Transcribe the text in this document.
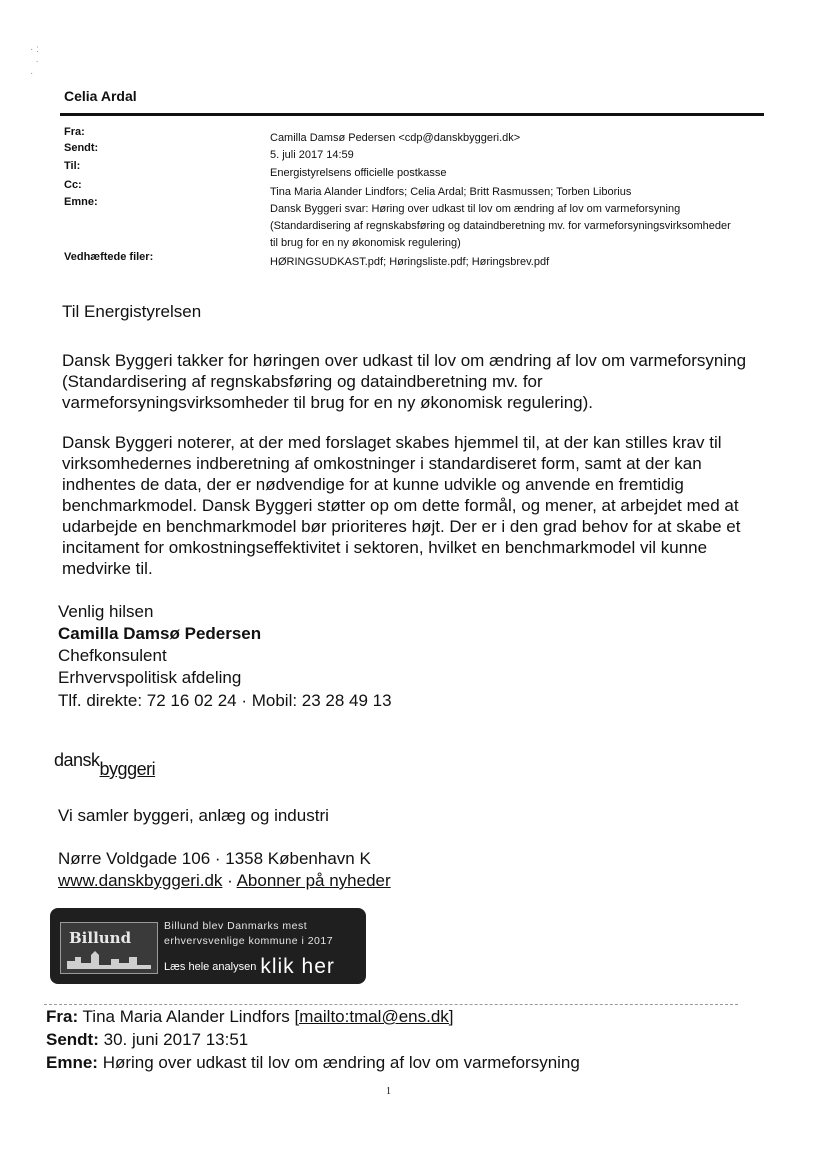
· :
·
·
Celia Ardal
Fra:	Camilla Damsø Pedersen <cdp@danskbyggeri.dk>
Sendt:
5. juli 2017 14:59
Til:
Energistyrelsens officielle postkasse
Cc:
Tina Maria Alander Lindfors; Celia Ardal; Britt Rasmussen; Torben Liborius
Emne:
Dansk Byggeri svar: Høring over udkast til lov om ændring af lov om varmeforsyning (Standardisering af regnskabsføring og dataindberetning mv. for varmeforsyningsvirksomheder til brug for en ny økonomisk regulering)
Vedhæftede filer:	HØRINGSUDKAST.pdf; Høringsliste.pdf; Høringsbrev.pdf
Til Energistyrelsen
Dansk Byggeri takker for høringen over udkast til lov om ændring af lov om varmeforsyning (Standardisering af regnskabsføring og dataindberetning mv. for varmeforsyningsvirksomheder til brug for en ny økonomisk regulering).
Dansk Byggeri noterer, at der med forslaget skabes hjemmel til, at der kan stilles krav til virksomhedernes indberetning af omkostninger i standardiseret form, samt at der kan indhentes de data, der er nødvendige for at kunne udvikle og anvende en fremtidig benchmarkmodel. Dansk Byggeri støtter op om dette formål, og mener, at arbejdet med at udarbejde en benchmarkmodel bør prioriteres højt. Der er i den grad behov for at skabe et incitament for omkostningseffektivitet i sektoren, hvilket en benchmarkmodel vil kunne medvirke til.
Venlig hilsen
Camilla Damsø Pedersen
Chefkonsulent
Erhvervspolitisk afdeling
Tlf. direkte: 72 16 02 24 · Mobil: 23 28 49 13
danskbyggeri
Vi samler byggeri, anlæg og industri
Nørre Voldgade 106 · 1358 København K
www.danskbyggeri.dk · Abonner på nyheder
Billund
Billund blev Danmarks mest
erhvervsvenlige kommune i 2017
Læs hele analysen klik her
Fra: Tina Maria Alander Lindfors [mailto:tmal@ens.dk]
Sendt: 30. juni 2017 13:51
Emne: Høring over udkast til lov om ændring af lov om varmeforsyning
1
